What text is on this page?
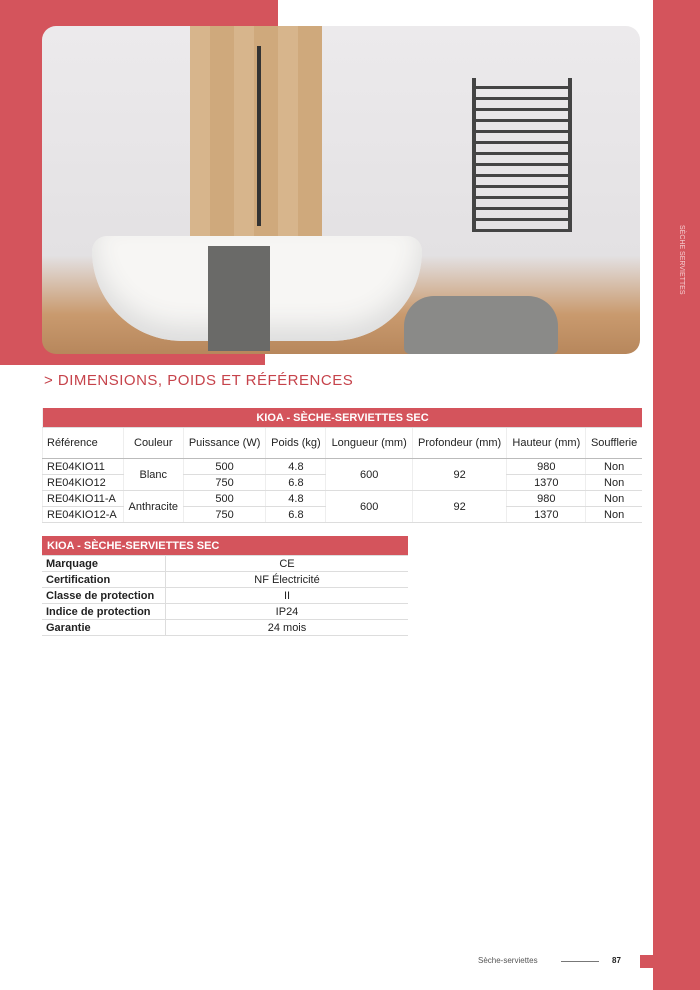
SÈCHE SERVIETTES
> DIMENSIONS, POIDS ET RÉFÉRENCES
KIOA - SÈCHE-SERVIETTES SEC							
Référence	Couleur	Puissance (W)	Poids (kg)	Longueur (mm)	Profondeur (mm)	Hauteur (mm)	Soufflerie
RE04KIO11	Blanc	500	4.8	600	92	980	Non
RE04KIO12		750	6.8			1370	Non
RE04KIO11-A	Anthracite	500	4.8	600	92	980	Non
RE04KIO12-A		750	6.8			1370	Non
KIOA - SÈCHE-SERVIETTES SEC	
Marquage	CE
Certification	NF Électricité
Classe de protection	II
Indice de protection	IP24
Garantie	24 mois
Sèche-serviettes	87
